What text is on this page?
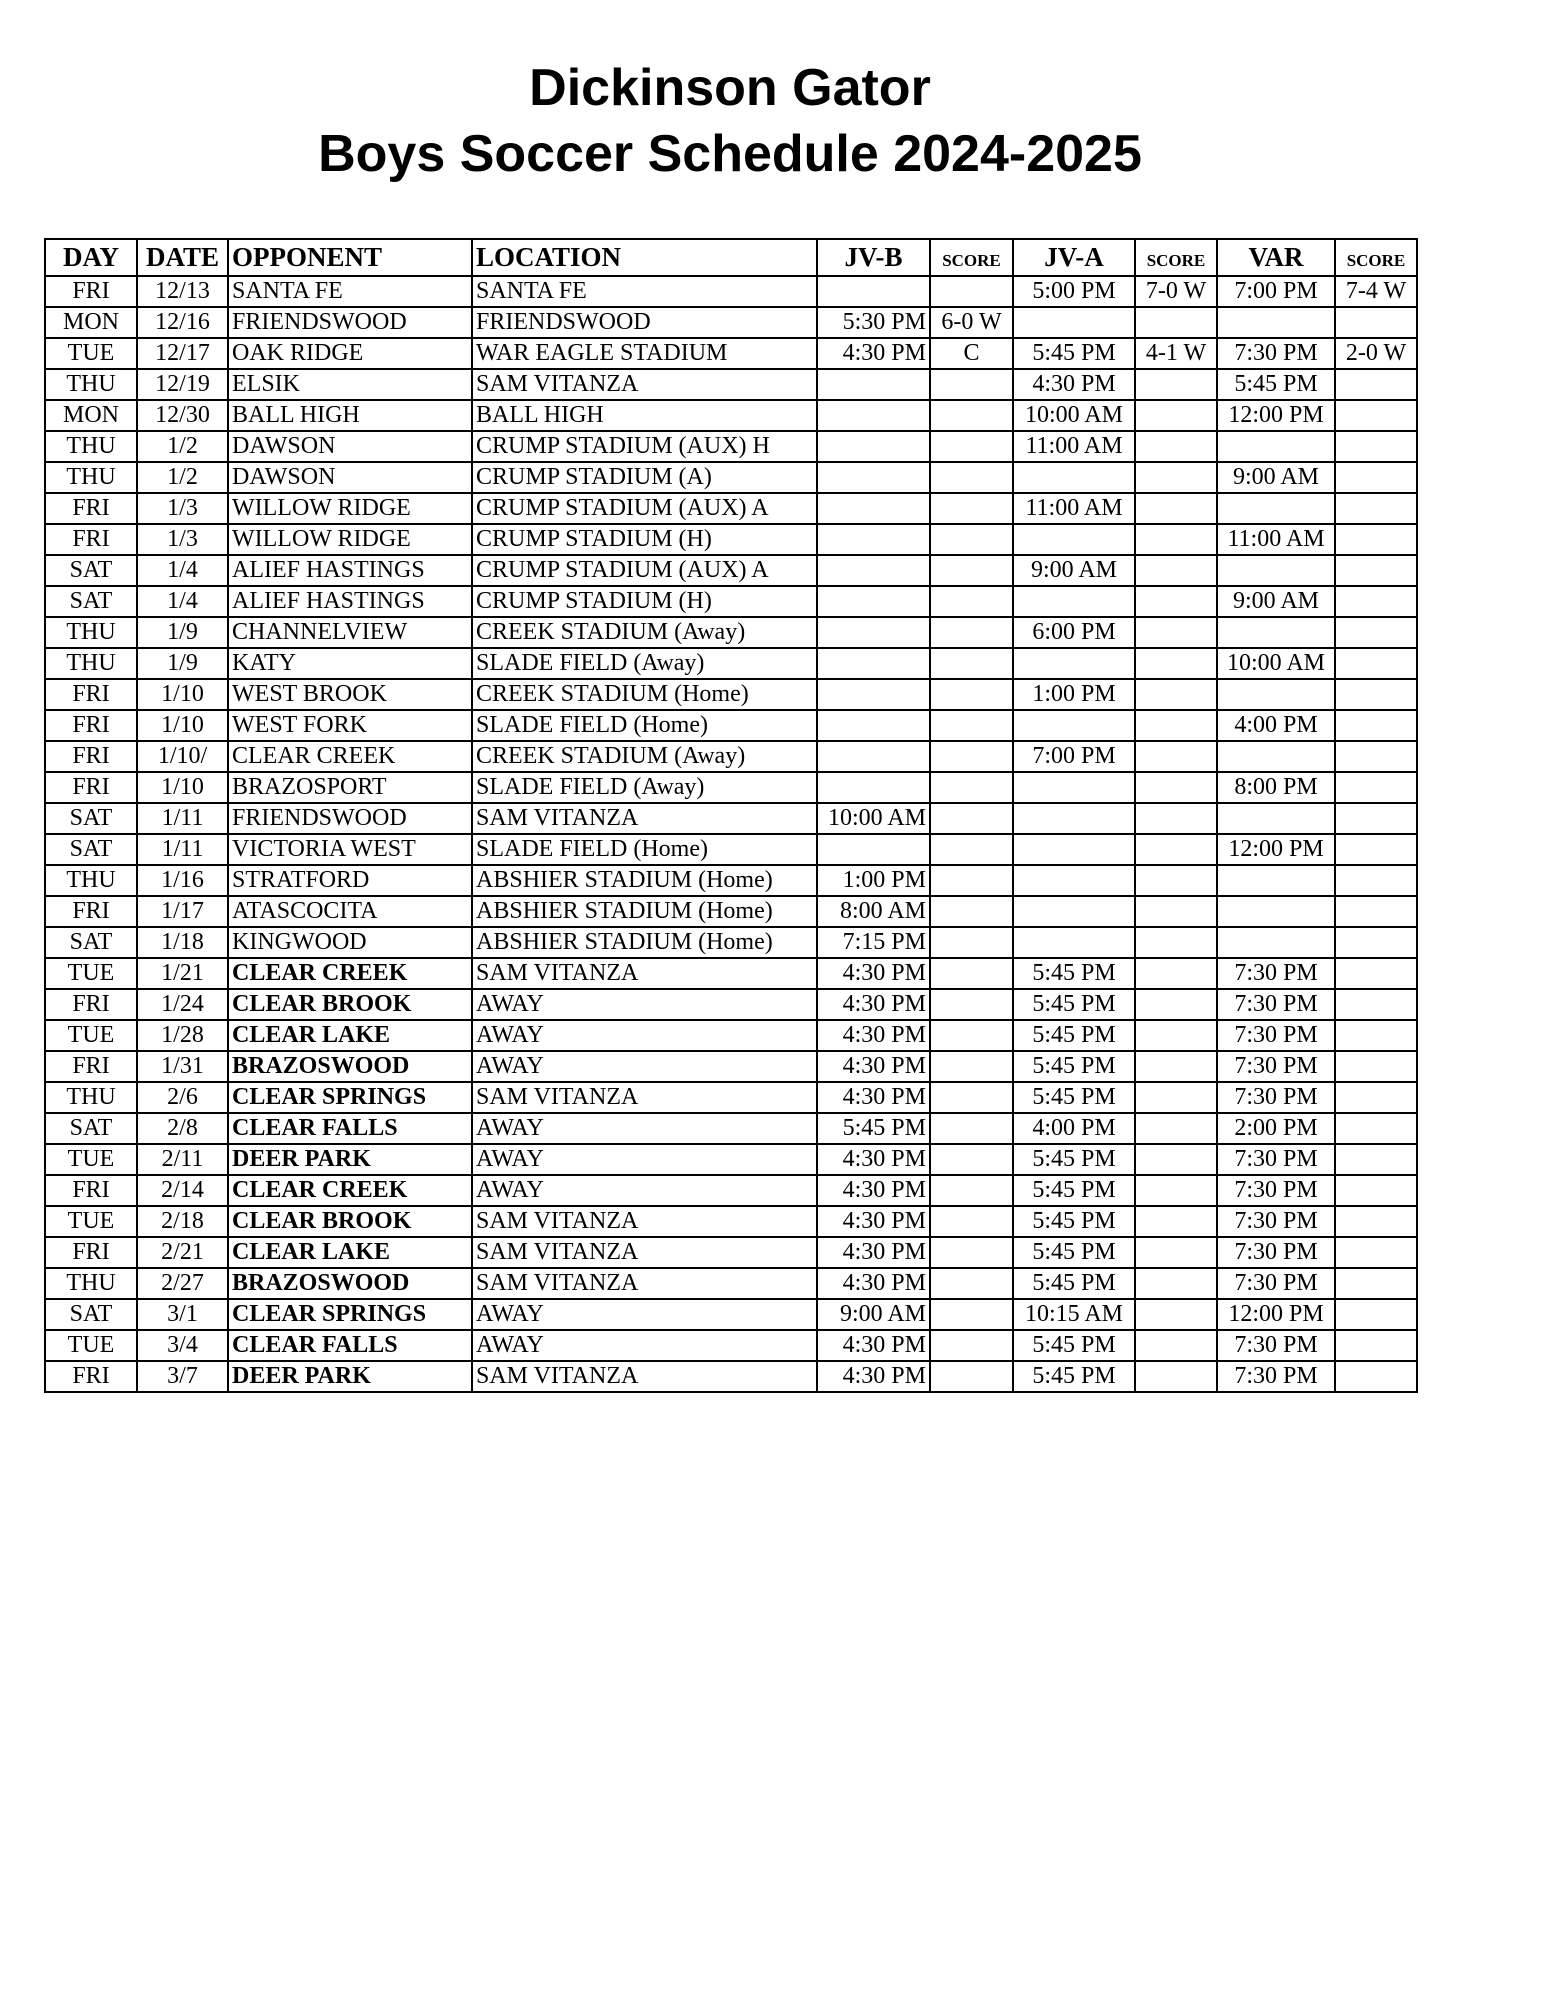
Dickinson Gator
Boys Soccer Schedule 2024-2025
DAY	DATE	OPPONENT	LOCATION	JV-B	SCORE	JV-A	SCORE	VAR	SCORE
FRI	12/13	SANTA FE	SANTA FE			5:00 PM	7-0 W	7:00 PM	7-4 W
MON	12/16	FRIENDSWOOD	FRIENDSWOOD	5:30 PM	6-0 W				
TUE	12/17	OAK RIDGE	WAR EAGLE STADIUM	4:30 PM	C	5:45 PM	4-1 W	7:30 PM	2-0 W
THU	12/19	ELSIK	SAM VITANZA			4:30 PM		5:45 PM	
MON	12/30	BALL HIGH	BALL HIGH			10:00 AM		12:00 PM	
THU	1/2	DAWSON	CRUMP STADIUM (AUX) H			11:00 AM			
THU	1/2	DAWSON	CRUMP STADIUM (A)					9:00 AM	
FRI	1/3	WILLOW RIDGE	CRUMP STADIUM (AUX) A			11:00 AM			
FRI	1/3	WILLOW RIDGE	CRUMP STADIUM (H)					11:00 AM	
SAT	1/4	ALIEF HASTINGS	CRUMP STADIUM (AUX) A			9:00 AM			
SAT	1/4	ALIEF HASTINGS	CRUMP STADIUM (H)					9:00 AM	
THU	1/9	CHANNELVIEW	CREEK STADIUM (Away)			6:00 PM			
THU	1/9	KATY	SLADE FIELD (Away)					10:00 AM	
FRI	1/10	WEST BROOK	CREEK STADIUM (Home)			1:00 PM			
FRI	1/10	WEST FORK	SLADE FIELD (Home)					4:00 PM	
FRI	1/10/	CLEAR CREEK	CREEK STADIUM (Away)			7:00 PM			
FRI	1/10	BRAZOSPORT	SLADE FIELD (Away)					8:00 PM	
SAT	1/11	FRIENDSWOOD	SAM VITANZA	10:00 AM					
SAT	1/11	VICTORIA WEST	SLADE FIELD (Home)					12:00 PM	
THU	1/16	STRATFORD	ABSHIER STADIUM (Home)	1:00 PM					
FRI	1/17	ATASCOCITA	ABSHIER STADIUM (Home)	8:00 AM					
SAT	1/18	KINGWOOD	ABSHIER STADIUM (Home)	7:15 PM					
TUE	1/21	CLEAR CREEK	SAM VITANZA	4:30 PM		5:45 PM		7:30 PM	
FRI	1/24	CLEAR BROOK	AWAY	4:30 PM		5:45 PM		7:30 PM	
TUE	1/28	CLEAR LAKE	AWAY	4:30 PM		5:45 PM		7:30 PM	
FRI	1/31	BRAZOSWOOD	AWAY	4:30 PM		5:45 PM		7:30 PM	
THU	2/6	CLEAR SPRINGS	SAM VITANZA	4:30 PM		5:45 PM		7:30 PM	
SAT	2/8	CLEAR FALLS	AWAY	5:45 PM		4:00 PM		2:00 PM	
TUE	2/11	DEER PARK	AWAY	4:30 PM		5:45 PM		7:30 PM	
FRI	2/14	CLEAR CREEK	AWAY	4:30 PM		5:45 PM		7:30 PM	
TUE	2/18	CLEAR BROOK	SAM VITANZA	4:30 PM		5:45 PM		7:30 PM	
FRI	2/21	CLEAR LAKE	SAM VITANZA	4:30 PM		5:45 PM		7:30 PM	
THU	2/27	BRAZOSWOOD	SAM VITANZA	4:30 PM		5:45 PM		7:30 PM	
SAT	3/1	CLEAR SPRINGS	AWAY	9:00 AM		10:15 AM		12:00 PM	
TUE	3/4	CLEAR FALLS	AWAY	4:30 PM		5:45 PM		7:30 PM	
FRI	3/7	DEER PARK	SAM VITANZA	4:30 PM		5:45 PM		7:30 PM	
